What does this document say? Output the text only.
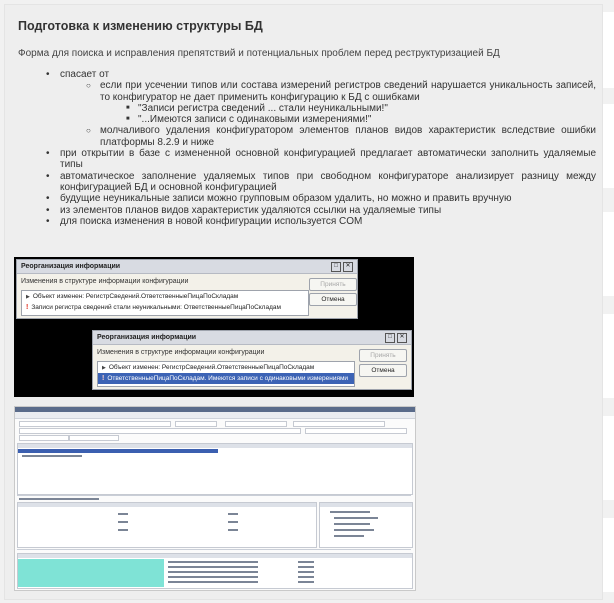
Подготовка к изменению структуры БД

Форма для поиска и исправления препятствий и потенциальных проблем перед реструктуризацией БД

• спасает от
○ если при усечении типов или состава измерений регистров сведений нарушается уникальность записей, то конфигуратор не дает применить конфигурацию к БД с ошибками
■ "Записи регистра сведений ... стали неуникальными!"
■ "...Имеются записи с одинаковыми измерениями!"
○ молчаливого удаления конфигуратором элементов планов видов характеристик вследствие ошибки платформы 8.2.9 и ниже
• при открытии в базе с измененной основной конфигурацией предлагает автоматически заполнить удаляемые типы
• автоматическое заполнение удаляемых типов при свободном конфигураторе анализирует разницу между конфигурацией БД и основной конфигурацией
• будущие неуникальные записи можно групповым образом удалить, но можно и править вручную
• из элементов планов видов характеристик удаляются ссылки на удаляемые типы
• для поиска изменения в новой конфигурации используется COM
Реорганизация информации	□	✕
Изменения в структуре информации конфигурации
▶ Объект изменен: РегистрСведений.ОтветственныеПицаПоСкладам
! Записи регистра сведений стали неуникальными: ОтветственныеПицаПоСкладам
Принять
Отмена
Реорганизация информации	□	✕
Изменения в структуре информации конфигурации
▶ Объект изменен: РегистрСведений.ОтветственныеПицаПоСкладам
! ОтветственныеПицаПоСкладам. Имеются записи с одинаковыми измерениями
Принять
Отмена
